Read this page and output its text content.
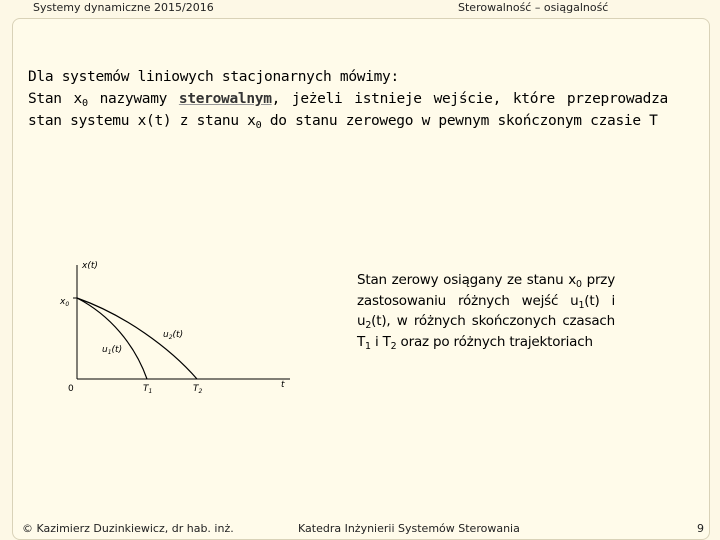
Systemy dynamiczne 2015/2016	Sterowalność – osiągalność

Dla systemów liniowych stacjonarnych mówimy:

Stan $x_0$ nazywamy sterowalnym, jeżeli istnieje wejście, które przeprowadza stan systemu x(t) z stanu $x_0$ do stanu zerowego w pewnym skończonym czasie T

x(t)
t
0
$x_0$
$T_1$	$T_2$
$u_1(t)$
$u_2(t)$
Stan zerowy osiągany ze stanu $x_0$ przy zastosowaniu różnych wejść $u_1(t)$ i $u_2(t)$, w różnych skończonych czasach $T_1$ i $T_2$ oraz po różnych trajektoriach
© Kazimierz Duzinkiewicz, dr hab. inż.	Katedra Inżynierii Systemów Sterowania	9
